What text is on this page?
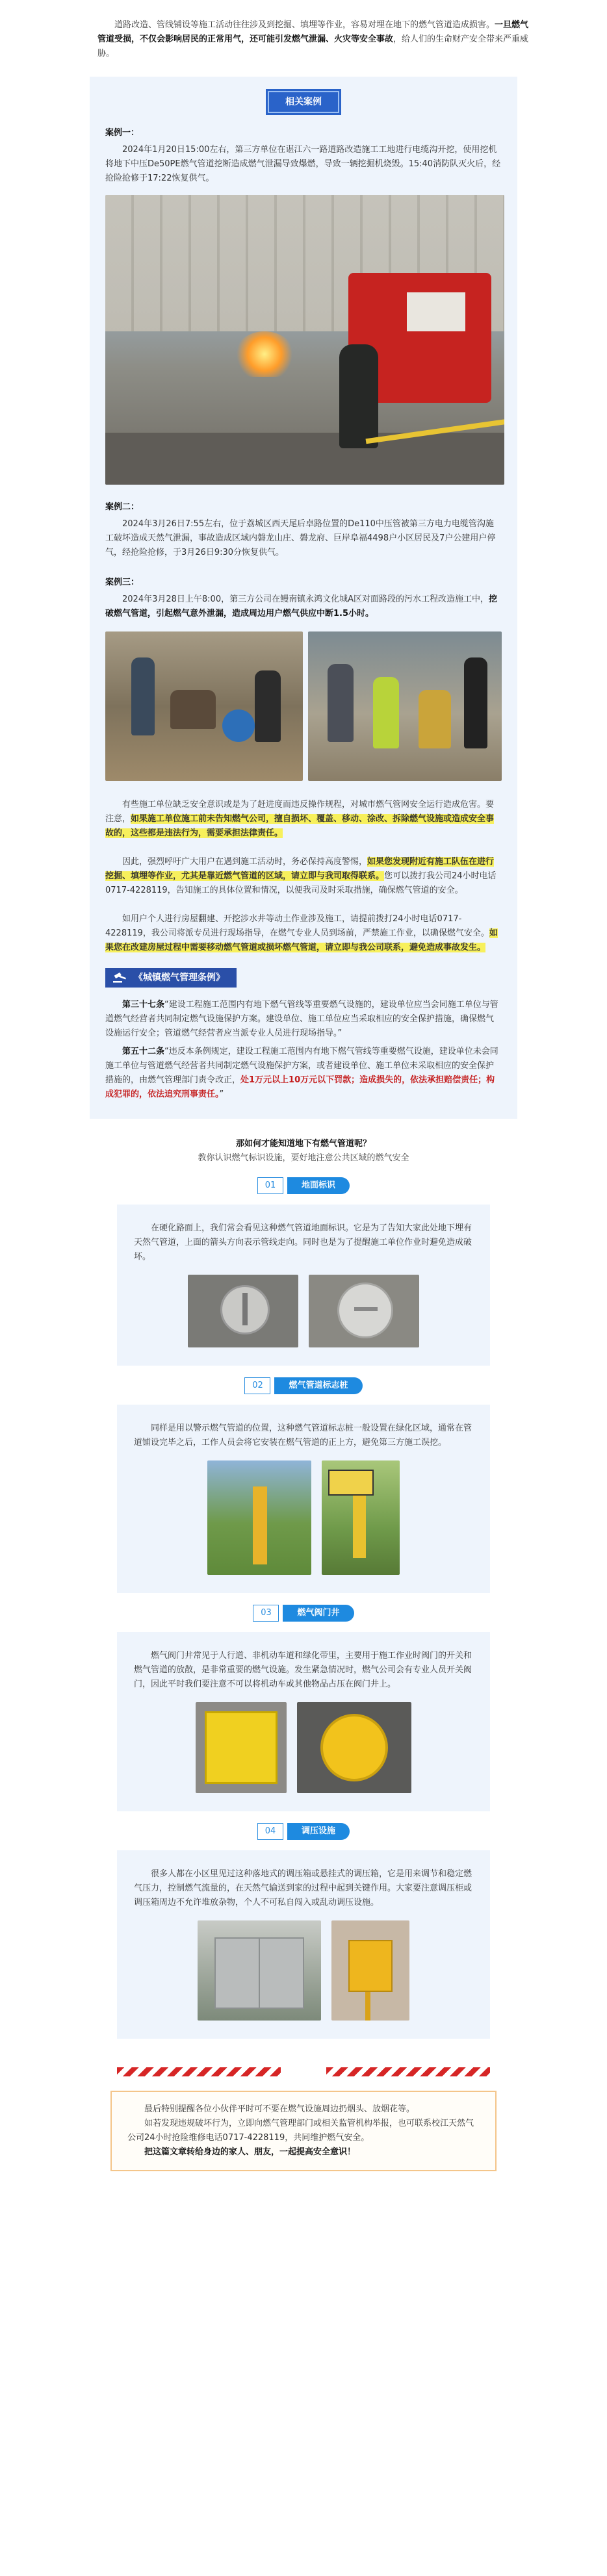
道路改造、管线铺设等施工活动往往涉及到挖掘、填埋等作业，容易对埋在地下的燃气管道造成损害。一旦燃气管道受损，不仅会影响居民的正常用气，还可能引发燃气泄漏、火灾等安全事故，给人们的生命财产安全带来严重威胁。

相关案例

案例一：

2024年1月20日15:00左右，第三方单位在谌江六一路道路改造施工工地进行电缆沟开挖，使用挖机将地下中压De50PE燃气管道挖断造成燃气泄漏导致爆燃，导致一辆挖掘机烧毁。15:40消防队灭火后，经抢险抢修于17:22恢复供气。

案例二：

2024年3月26日7:55左右，位于荔城区西天尾后卓路位置的De110中压管被第三方电力电缆管沟施工破坏造成天然气泄漏，事故造成区域内磐龙山庄、磐龙府、巨岸阜福4498户小区居民及7户公建用户停气，经抢险抢修，于3月26日9:30分恢复供气。

案例三：

2024年3月28日上午8:00，第三方公司在鳗南镇永鸿文化城A区对面路段的污水工程改造施工中，挖破燃气管道，引起燃气意外泄漏，造成周边用户燃气供应中断1.5小时。

有些施工单位缺乏安全意识或是为了赶进度而违反操作规程，对城市燃气管网安全运行造成危害。要注意，如果施工单位施工前未告知燃气公司，擅自损坏、覆盖、移动、涂改、拆除燃气设施或造成安全事故的，这些都是违法行为，需要承担法律责任。

因此，强烈呼吁广大用户在遇到施工活动时，务必保持高度警惕，如果您发现附近有施工队伍在进行挖掘、填埋等作业，尤其是靠近燃气管道的区域，请立即与我司取得联系。您可以拨打我公司24小时电话0717-4228119，告知施工的具体位置和情况，以便我司及时采取措施，确保燃气管道的安全。

如用户个人进行房屋翻建、开挖涉水井等动土作业涉及施工，请提前拨打24小时电话0717-4228119，我公司将派专员进行现场指导，在燃气专业人员到场前，严禁施工作业，以确保燃气安全。如果您在改建房屋过程中需要移动燃气管道或损坏燃气管道，请立即与我公司联系，避免造成事故发生。

《城镇燃气管理条例》

第三十七条“建设工程施工范围内有地下燃气管线等重要燃气设施的，建设单位应当会同施工单位与管道燃气经营者共同制定燃气设施保护方案。建设单位、施工单位应当采取相应的安全保护措施，确保燃气设施运行安全；管道燃气经营者应当派专业人员进行现场指导。”

第五十二条“违反本条例规定，建设工程施工范围内有地下燃气管线等重要燃气设施，建设单位未会同施工单位与管道燃气经营者共同制定燃气设施保护方案，或者建设单位、施工单位未采取相应的安全保护措施的，由燃气管理部门责令改正，处1万元以上10万元以下罚款；造成损失的，依法承担赔偿责任；构成犯罪的，依法追究刑事责任。”

那如何才能知道地下有燃气管道呢？
教你认识燃气标识设施，要好地注意公共区域的燃气安全
01	地面标识

在硬化路面上，我们常会看见这种燃气管道地面标识。它是为了告知大家此处地下埋有天然气管道，上面的箭头方向表示管线走向。同时也是为了提醒施工单位作业时避免造成破坏。

02	燃气管道标志桩

同样是用以警示燃气管道的位置，这种燃气管道标志桩一般设置在绿化区域，通常在管道铺设完毕之后，工作人员会将它安装在燃气管道的正上方，避免第三方施工误挖。

03	燃气阀门井

燃气阀门井常见于人行道、非机动车道和绿化带里，主要用于施工作业时阀门的开关和燃气管道的放散，是非常重要的燃气设施。发生紧急情况时，燃气公司会有专业人员开关阀门，因此平时我们要注意不可以将机动车或其他物品占压在阀门井上。

04	调压设施

很多人都在小区里见过这种落地式的调压箱或悬挂式的调压箱，它是用来调节和稳定燃气压力，控制燃气流量的，在天然气输送到家的过程中起到关键作用。大家要注意调压柜或调压箱周边不允许堆放杂物，个人不可私自闯入或乱动调压设施。

最后特别提醒各位小伙伴平时可不要在燃气设施周边扔烟头、放烟花等。

如若发现违规破坏行为，立即向燃气管理部门或相关监管机构举报，也可联系校江天然气公司24小时抢险维修电话0717-4228119，共同维护燃气安全。

把这篇文章转给身边的家人、朋友，一起提高安全意识！
